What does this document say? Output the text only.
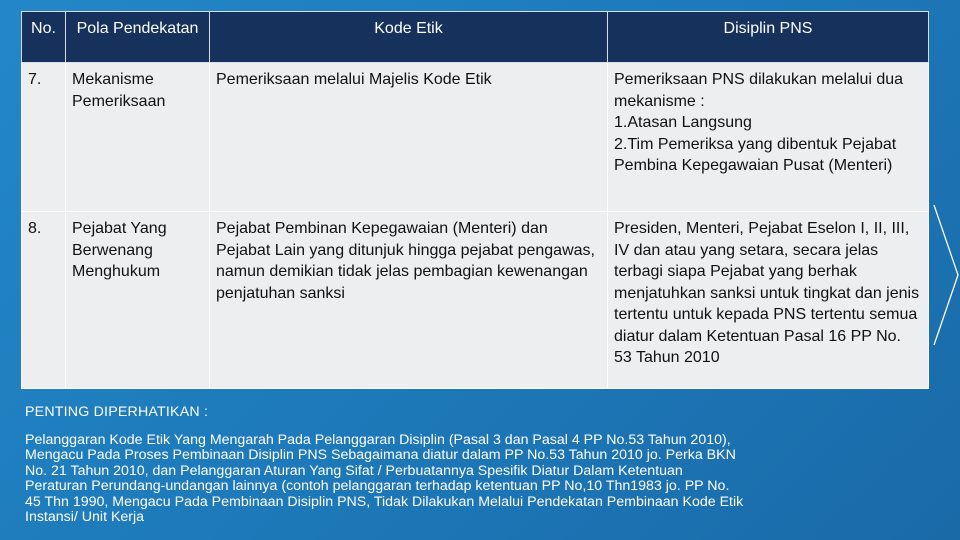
No.	Pola Pendekatan	Kode Etik	Disiplin PNS
7.	Mekanisme Pemeriksaan	Pemeriksaan melalui Majelis Kode Etik	Pemeriksaan PNS dilakukan melalui dua mekanisme :
1.Atasan Langsung
2.Tim Pemeriksa yang dibentuk Pejabat Pembina Kepegawaian Pusat (Menteri)

8.	Pejabat Yang Berwenang Menghukum	Pejabat Pembinan Kepegawaian (Menteri) dan Pejabat Lain yang ditunjuk hingga pejabat pengawas, namun demikian tidak jelas pembagian kewenangan penjatuhan sanksi	Presiden, Menteri, Pejabat Eselon I, II, III, IV dan atau yang setara, secara jelas terbagi siapa Pejabat yang berhak menjatuhkan sanksi untuk tingkat dan jenis tertentu untuk kepada PNS tertentu semua diatur dalam Ketentuan Pasal 16 PP No. 53 Tahun 2010

PENTING DIPERHATIKAN :

Pelanggaran Kode Etik Yang Mengarah Pada Pelanggaran Disiplin (Pasal 3 dan Pasal 4 PP No.53 Tahun 2010), Mengacu Pada Proses Pembinaan Disiplin PNS Sebagaimana diatur dalam PP No.53 Tahun 2010 jo. Perka BKN No. 21 Tahun 2010, dan Pelanggaran Aturan Yang Sifat / Perbuatannya Spesifik Diatur Dalam Ketentuan Peraturan Perundang-undangan lainnya (contoh pelanggaran terhadap ketentuan PP No,10 Thn1983 jo. PP No. 45 Thn 1990, Mengacu Pada Pembinaan Disiplin PNS, Tidak Dilakukan Melalui Pendekatan Pembinaan Kode Etik Instansi/ Unit Kerja
